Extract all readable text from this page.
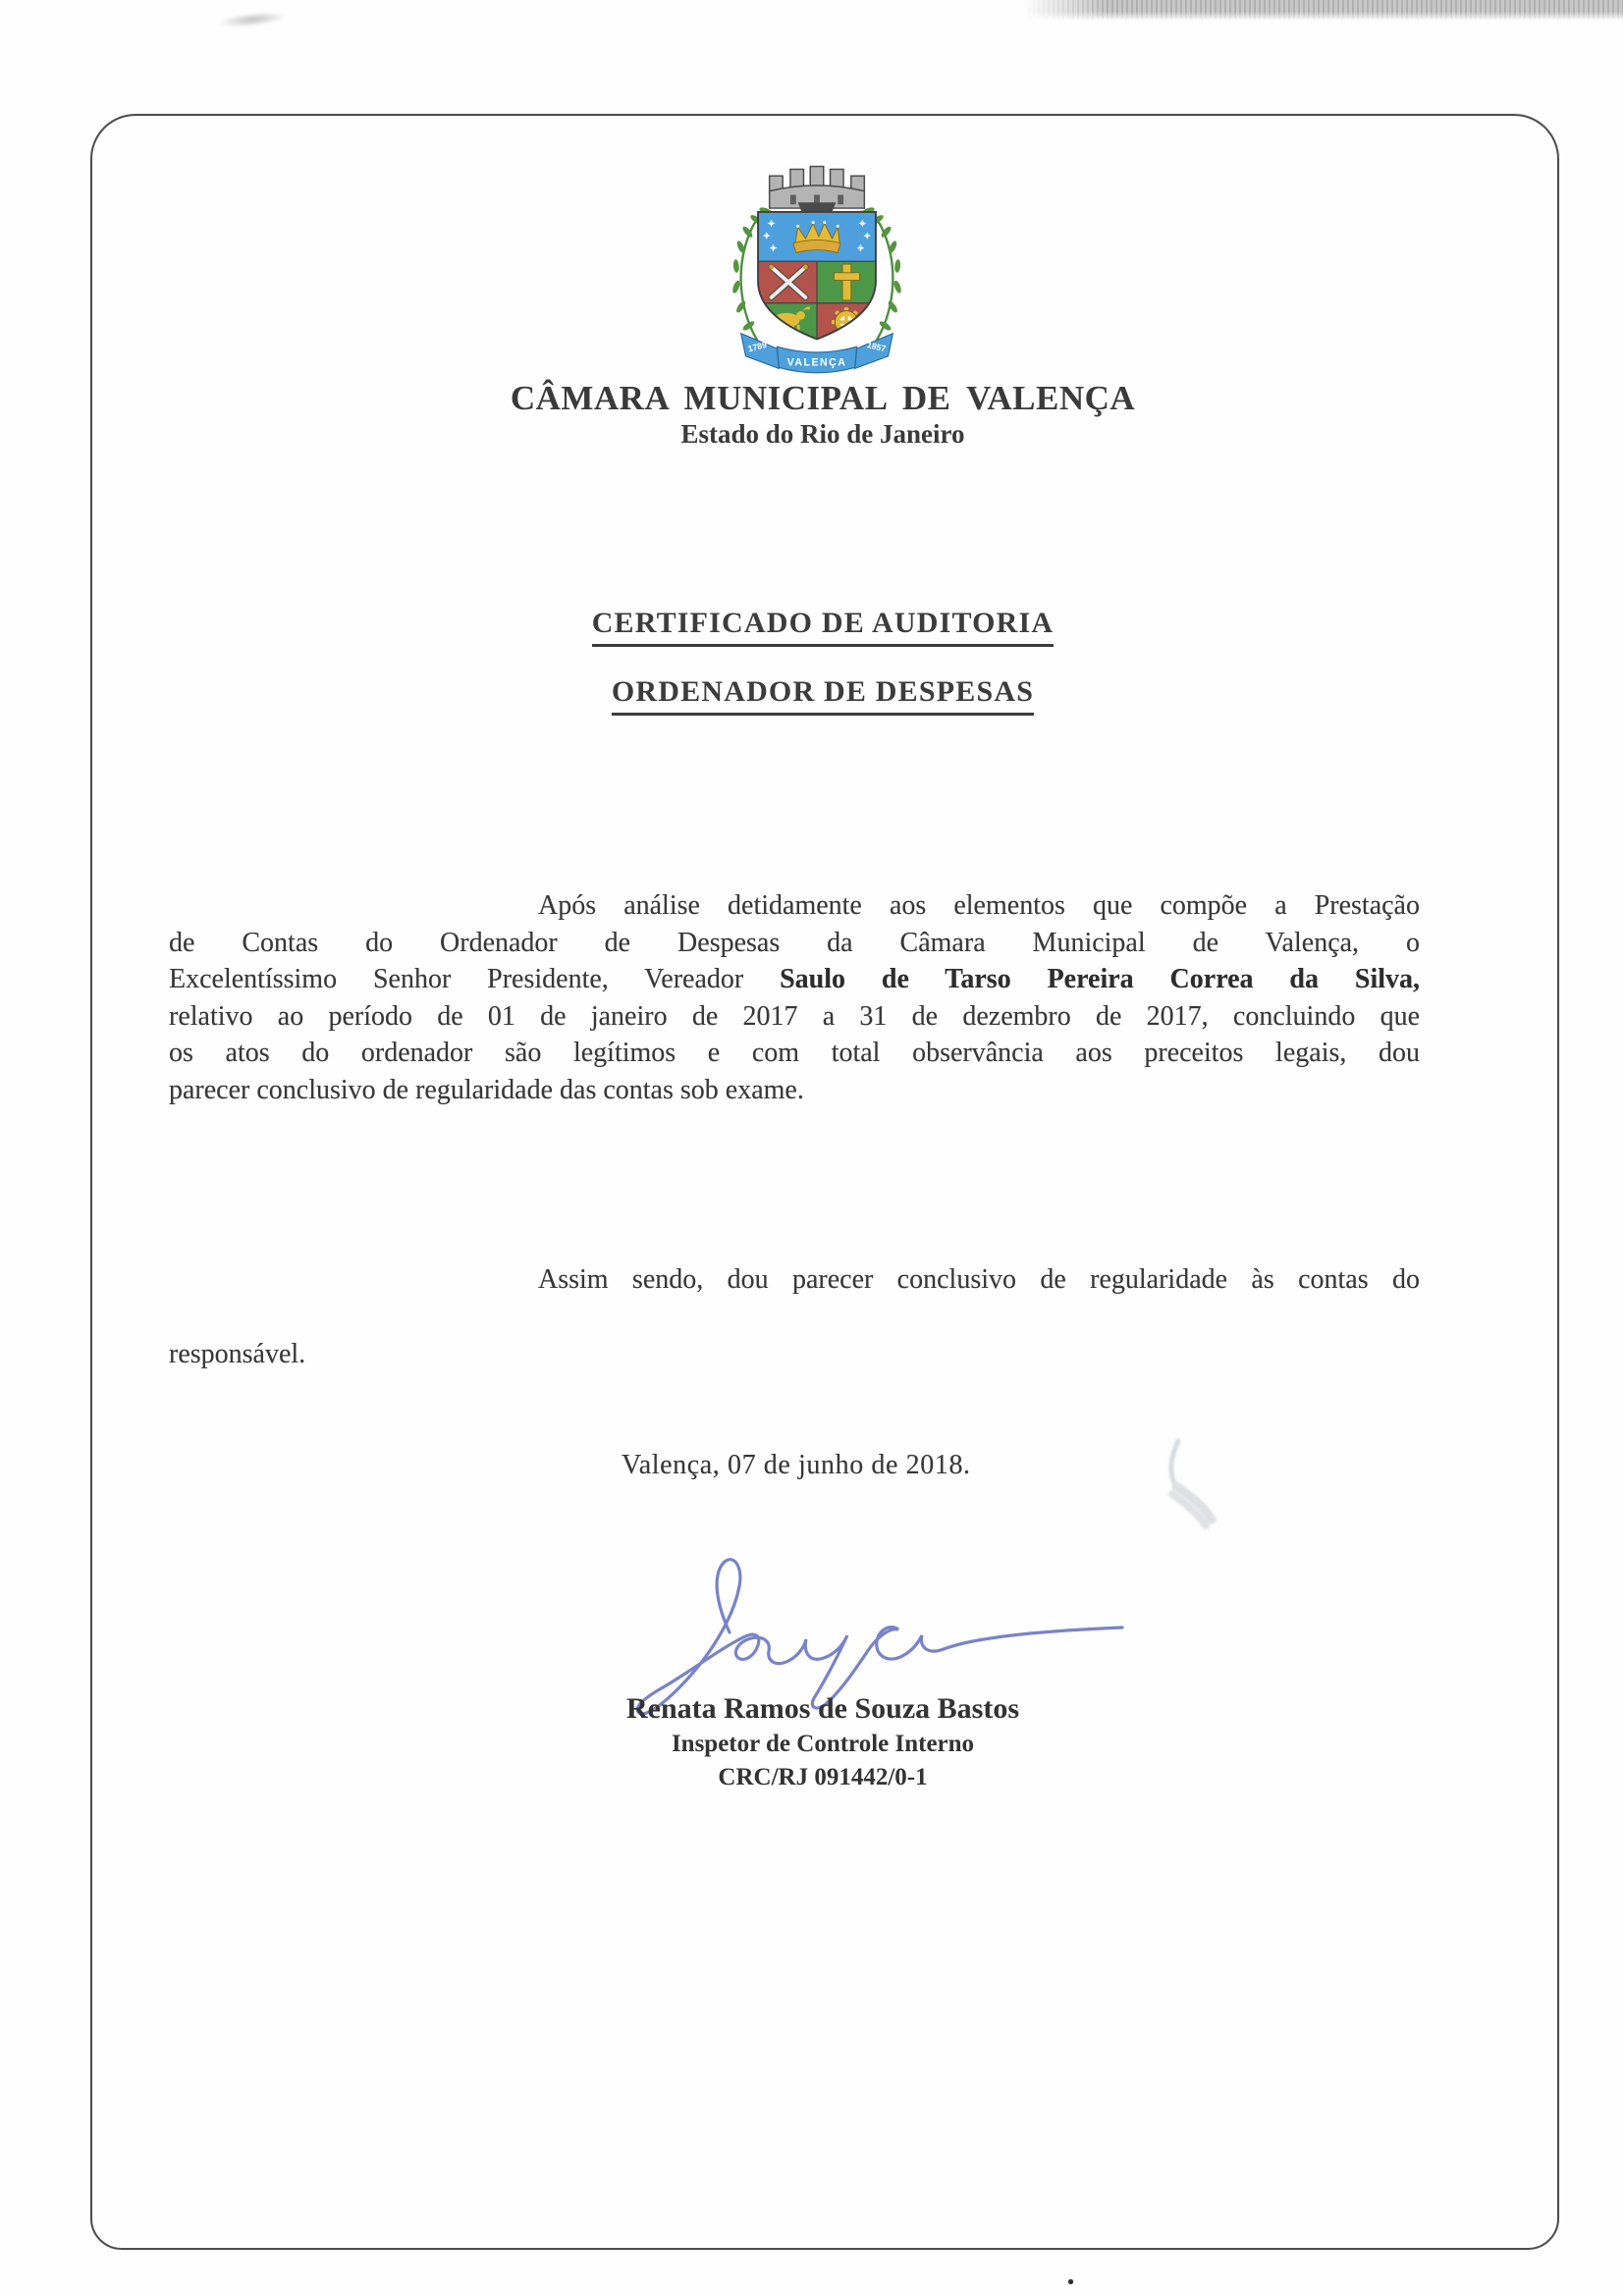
1789	1857
VALENÇA
CÂMARA MUNICIPAL DE VALENÇA
Estado do Rio de Janeiro
CERTIFICADO DE AUDITORIA
ORDENADOR DE DESPESAS
Após análise detidamente aos elementos que compõe a Prestação
de Contas do Ordenador de Despesas da Câmara Municipal de Valença, o
Excelentíssimo Senhor Presidente, Vereador Saulo de Tarso Pereira Correa da Silva,
relativo ao período de 01 de janeiro de 2017 a 31 de dezembro de 2017, concluindo que
os atos do ordenador são legítimos e com total observância aos preceitos legais, dou
parecer conclusivo de regularidade das contas sob exame.
Assim sendo, dou parecer conclusivo de regularidade às contas do
responsável.
Valença, 07 de junho de 2018.
Renata Ramos de Souza Bastos
Inspetor de Controle Interno
CRC/RJ 091442/0-1
